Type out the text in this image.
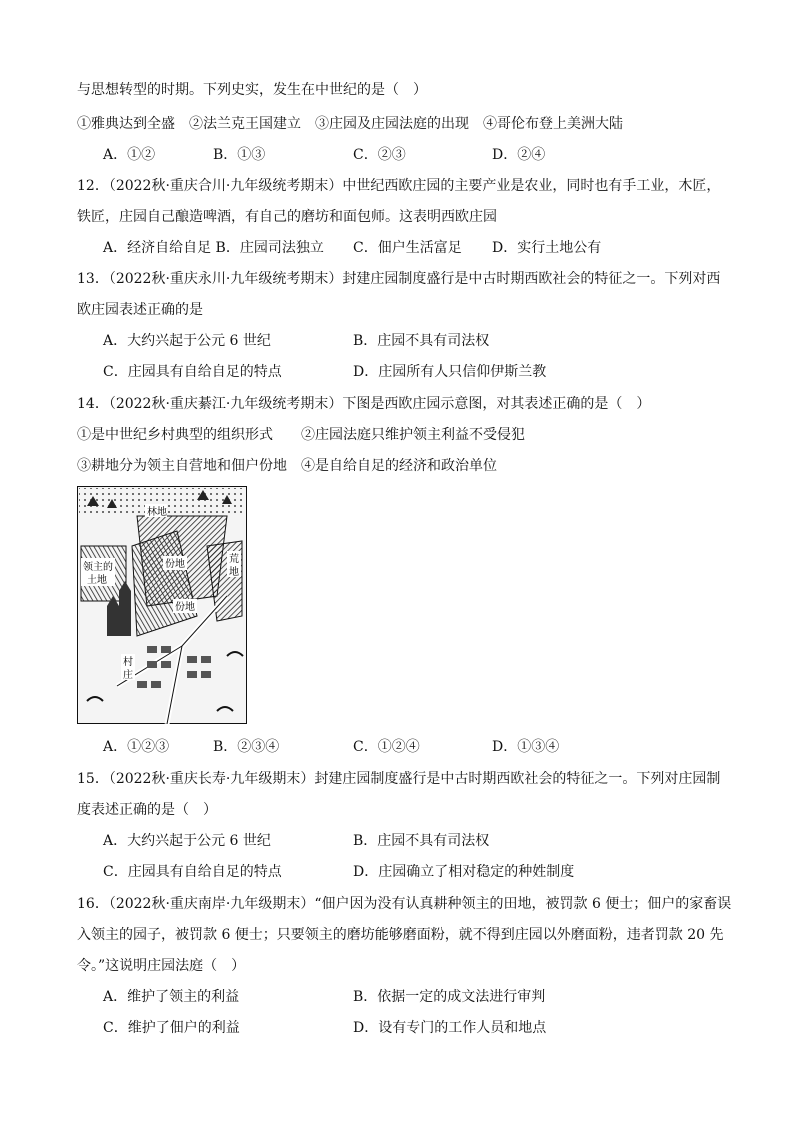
与思想转型的时期。下列史实，发生在中世纪的是（　）
①雅典达到全盛　②法兰克王国建立　③庄园及庄园法庭的出现　④哥伦布登上美洲大陆
A．①②	B．①③	C．②③	D．②④
12．（2022秋·重庆合川·九年级统考期末）中世纪西欧庄园的主要产业是农业，同时也有手工业，木匠，
铁匠，庄园自己酿造啤酒，有自己的磨坊和面包师。这表明西欧庄园
A．经济自给自足 B．庄园司法独立 C．佃户生活富足 D．实行土地公有
13．（2022秋·重庆永川·九年级统考期末）封建庄园制度盛行是中古时期西欧社会的特征之一。下列对西
欧庄园表述正确的是
A．大约兴起于公元 6 世纪	B．庄园不具有司法权
C．庄园具有自给自足的特点	D．庄园所有人只信仰伊斯兰教
14．（2022秋·重庆綦江·九年级统考期末）下图是西欧庄园示意图，对其表述正确的是（　）
①是中世纪乡村典型的组织形式　　②庄园法庭只维护领主利益不受侵犯
③耕地分为领主自营地和佃户份地　④是自给自足的经济和政治单位
林地
份地
份地
领主的
土地
荒
地
村
庄
A．①②③	B．②③④	C．①②④	D．①③④
15．（2022秋·重庆长寿·九年级期末）封建庄园制度盛行是中古时期西欧社会的特征之一。下列对庄园制
度表述正确的是（　）
A．大约兴起于公元 6 世纪	B．庄园不具有司法权
C．庄园具有自给自足的特点	D．庄园确立了相对稳定的种姓制度
16．（2022秋·重庆南岸·九年级期末）“佃户因为没有认真耕种领主的田地，被罚款 6 便士；佃户的家畜误
入领主的园子，被罚款 6 便士；只要领主的磨坊能够磨面粉，就不得到庄园以外磨面粉，违者罚款 20 先
令。”这说明庄园法庭（　）
A．维护了领主的利益	B．依据一定的成文法进行审判
C．维护了佃户的利益	D．设有专门的工作人员和地点
